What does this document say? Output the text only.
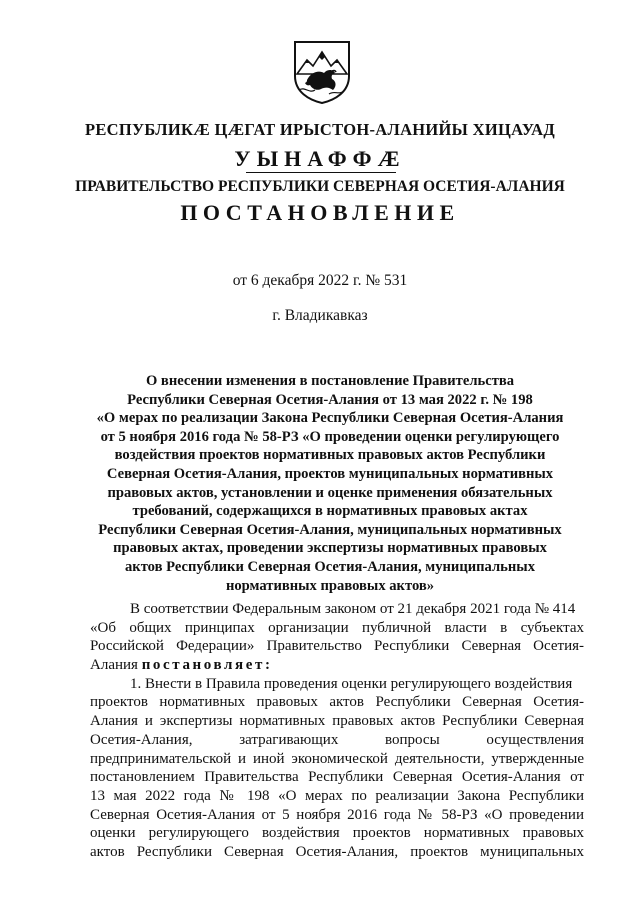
РЕСПУБЛИКӔ ЦӔГАТ ИРЫСТОН-АЛАНИЙЫ ХИЦАУАД
УЫНАФФӔ
ПРАВИТЕЛЬСТВО РЕСПУБЛИКИ СЕВЕРНАЯ ОСЕТИЯ-АЛАНИЯ
ПОСТАНОВЛЕНИЕ
от 6 декабря 2022 г. № 531
г. Владикавказ
О внесении изменения в постановление Правительства
Республики Северная Осетия-Алания от 13 мая 2022 г. № 198
«О мерах по реализации Закона Республики Северная Осетия-Алания
от 5 ноября 2016 года № 58-РЗ «О проведении оценки регулирующего
воздействия проектов нормативных правовых актов Республики
Северная Осетия-Алания, проектов муниципальных нормативных
правовых актов, установлении и оценке применения обязательных
требований, содержащихся в нормативных правовых актах
Республики Северная Осетия-Алания, муниципальных нормативных
правовых актах, проведении экспертизы нормативных правовых
актов Республики Северная Осетия-Алания, муниципальных
нормативных правовых актов»
В соответствии Федеральным законом от 21 декабря 2021 года № 414
«Об общих принципах организации публичной власти в субъектах
Российской Федерации» Правительство Республики Северная Осетия-
Алания постановляет:
1. Внести в Правила проведения оценки регулирующего воздействия
проектов нормативных правовых актов Республики Северная Осетия-
Алания и экспертизы нормативных правовых актов Республики Северная
Осетия-Алания, затрагивающих вопросы осуществления
предпринимательской и иной экономической деятельности, утвержденные
постановлением Правительства Республики Северная Осетия-Алания от
13 мая 2022 года № 198 «О мерах по реализации Закона Республики
Северная Осетия-Алания от 5 ноября 2016 года № 58-РЗ «О проведении
оценки регулирующего воздействия проектов нормативных правовых
актов Республики Северная Осетия-Алания, проектов муниципальных
